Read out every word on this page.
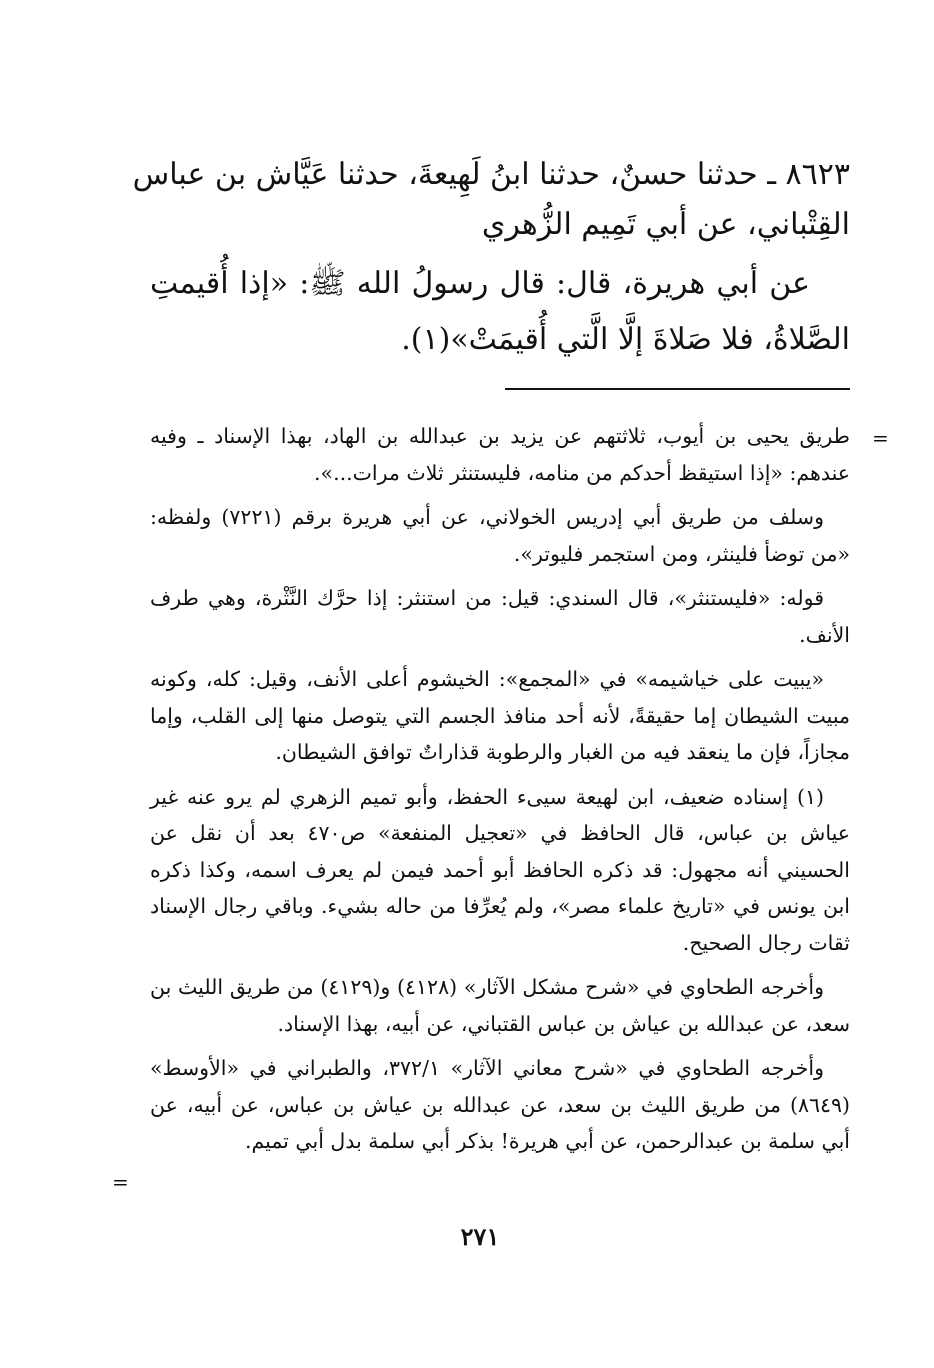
٨٦٢٣ ـ حدثنا حسنٌ، حدثنا ابنُ لَهِيعةَ، حدثنا عَيَّاش بن عباس

القِتْباني، عن أبي تَمِيم الزُّهري

عن أبي هريرة، قال: قال رسولُ الله ﷺ: «إذا أُقيمتِ الصَّلاةُ، فلا صَلاةَ إلَّا الَّتي أُقيمَتْ»(١).

=

طريق يحيى بن أيوب، ثلاثتهم عن يزيد بن عبدالله بن الهاد، بهذا الإسناد ـ وفيه عندهم: «إذا استيقظ أحدكم من منامه، فليستنثر ثلاث مرات...».

وسلف من طريق أبي إدريس الخولاني، عن أبي هريرة برقم (٧٢٢١) ولفظه: «من توضأ فلينثر، ومن استجمر فليوتر».

قوله: «فليستنثر»، قال السندي: قيل: من استنثر: إذا حرَّك النَّثْرة، وهي طرف الأنف.

«يبيت على خياشيمه» في «المجمع»: الخيشوم أعلى الأنف، وقيل: كله، وكونه مبيت الشيطان إما حقيقةً، لأنه أحد منافذ الجسم التي يتوصل منها إلى القلب، وإما مجازاً، فإن ما ينعقد فيه من الغبار والرطوبة قذاراتٌ توافق الشيطان.

(١) إسناده ضعيف، ابن لهيعة سيىء الحفظ، وأبو تميم الزهري لم يرو عنه غير عياش بن عباس، قال الحافظ في «تعجيل المنفعة» ص٤٧٠ بعد أن نقل عن الحسيني أنه مجهول: قد ذكره الحافظ أبو أحمد فيمن لم يعرف اسمه، وكذا ذكره ابن يونس في «تاريخ علماء مصر»، ولم يُعرِّفا من حاله بشيء. وباقي رجال الإسناد ثقات رجال الصحيح.

وأخرجه الطحاوي في «شرح مشكل الآثار» (٤١٢٨) و(٤١٢٩) من طريق الليث بن سعد، عن عبدالله بن عياش بن عباس القتباني، عن أبيه، بهذا الإسناد.

وأخرجه الطحاوي في «شرح معاني الآثار» ٣٧٢/١، والطبراني في «الأوسط» (٨٦٤٩) من طريق الليث بن سعد، عن عبدالله بن عياش بن عباس، عن أبيه، عن أبي سلمة بن عبدالرحمن، عن أبي هريرة! بذكر أبي سلمة بدل أبي تميم.

=
٢٧١
